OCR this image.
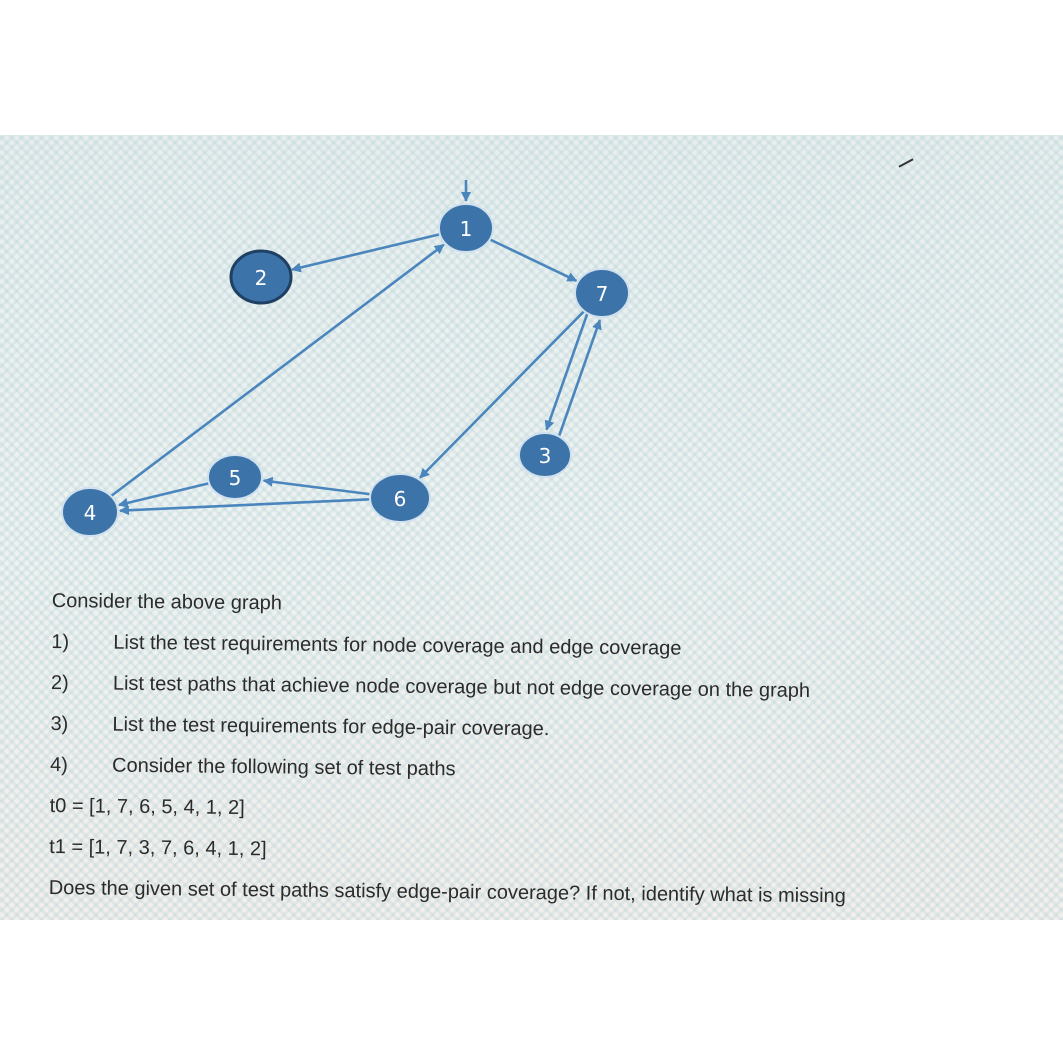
1
2
3
4
5
6
7
Consider the above graph
1) List the test requirements for node coverage and edge coverage
2) List test paths that achieve node coverage but not edge coverage on the graph
3) List the test requirements for edge-pair coverage.
4) Consider the following set of test paths
t0 = [1, 7, 6, 5, 4, 1, 2]
t1 = [1, 7, 3, 7, 6, 4, 1, 2]
Does the given set of test paths satisfy edge-pair coverage? If not, identify what is missing
